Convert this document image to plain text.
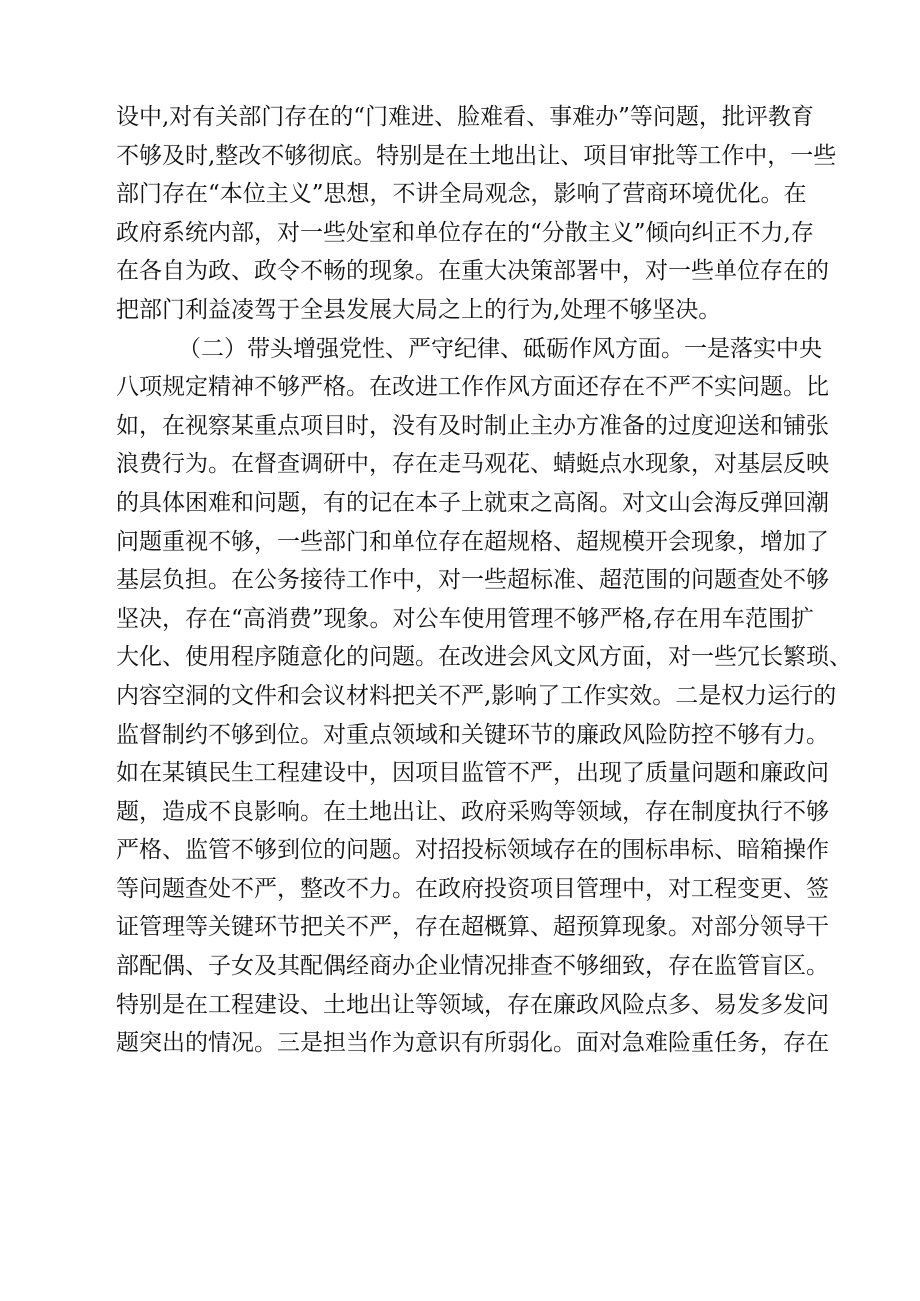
设中,对有关部门存在的“门难进、脸难看、事难办”等问题，批评教育
不够及时,整改不够彻底。特别是在土地出让、项目审批等工作中，一些
部门存在“本位主义”思想，不讲全局观念，影响了营商环境优化。在
政府系统内部，对一些处室和单位存在的“分散主义”倾向纠正不力,存
在各自为政、政令不畅的现象。在重大决策部署中，对一些单位存在的
把部门利益凌驾于全县发展大局之上的行为,处理不够坚决。
（二）带头增强党性、严守纪律、砥砺作风方面。一是落实中央
八项规定精神不够严格。在改进工作作风方面还存在不严不实问题。比
如，在视察某重点项目时，没有及时制止主办方准备的过度迎送和铺张
浪费行为。在督查调研中，存在走马观花、蜻蜓点水现象，对基层反映
的具体困难和问题，有的记在本子上就束之高阁。对文山会海反弹回潮
问题重视不够，一些部门和单位存在超规格、超规模开会现象，增加了
基层负担。在公务接待工作中，对一些超标准、超范围的问题查处不够
坚决，存在“高消费”现象。对公车使用管理不够严格,存在用车范围扩
大化、使用程序随意化的问题。在改进会风文风方面，对一些冗长繁琐、
内容空洞的文件和会议材料把关不严,影响了工作实效。二是权力运行的
监督制约不够到位。对重点领域和关键环节的廉政风险防控不够有力。
如在某镇民生工程建设中，因项目监管不严，出现了质量问题和廉政问
题，造成不良影响。在土地出让、政府采购等领域，存在制度执行不够
严格、监管不够到位的问题。对招投标领域存在的围标串标、暗箱操作
等问题查处不严，整改不力。在政府投资项目管理中，对工程变更、签
证管理等关键环节把关不严，存在超概算、超预算现象。对部分领导干
部配偶、子女及其配偶经商办企业情况排查不够细致，存在监管盲区。
特别是在工程建设、土地出让等领域，存在廉政风险点多、易发多发问
题突出的情况。三是担当作为意识有所弱化。面对急难险重任务，存在
